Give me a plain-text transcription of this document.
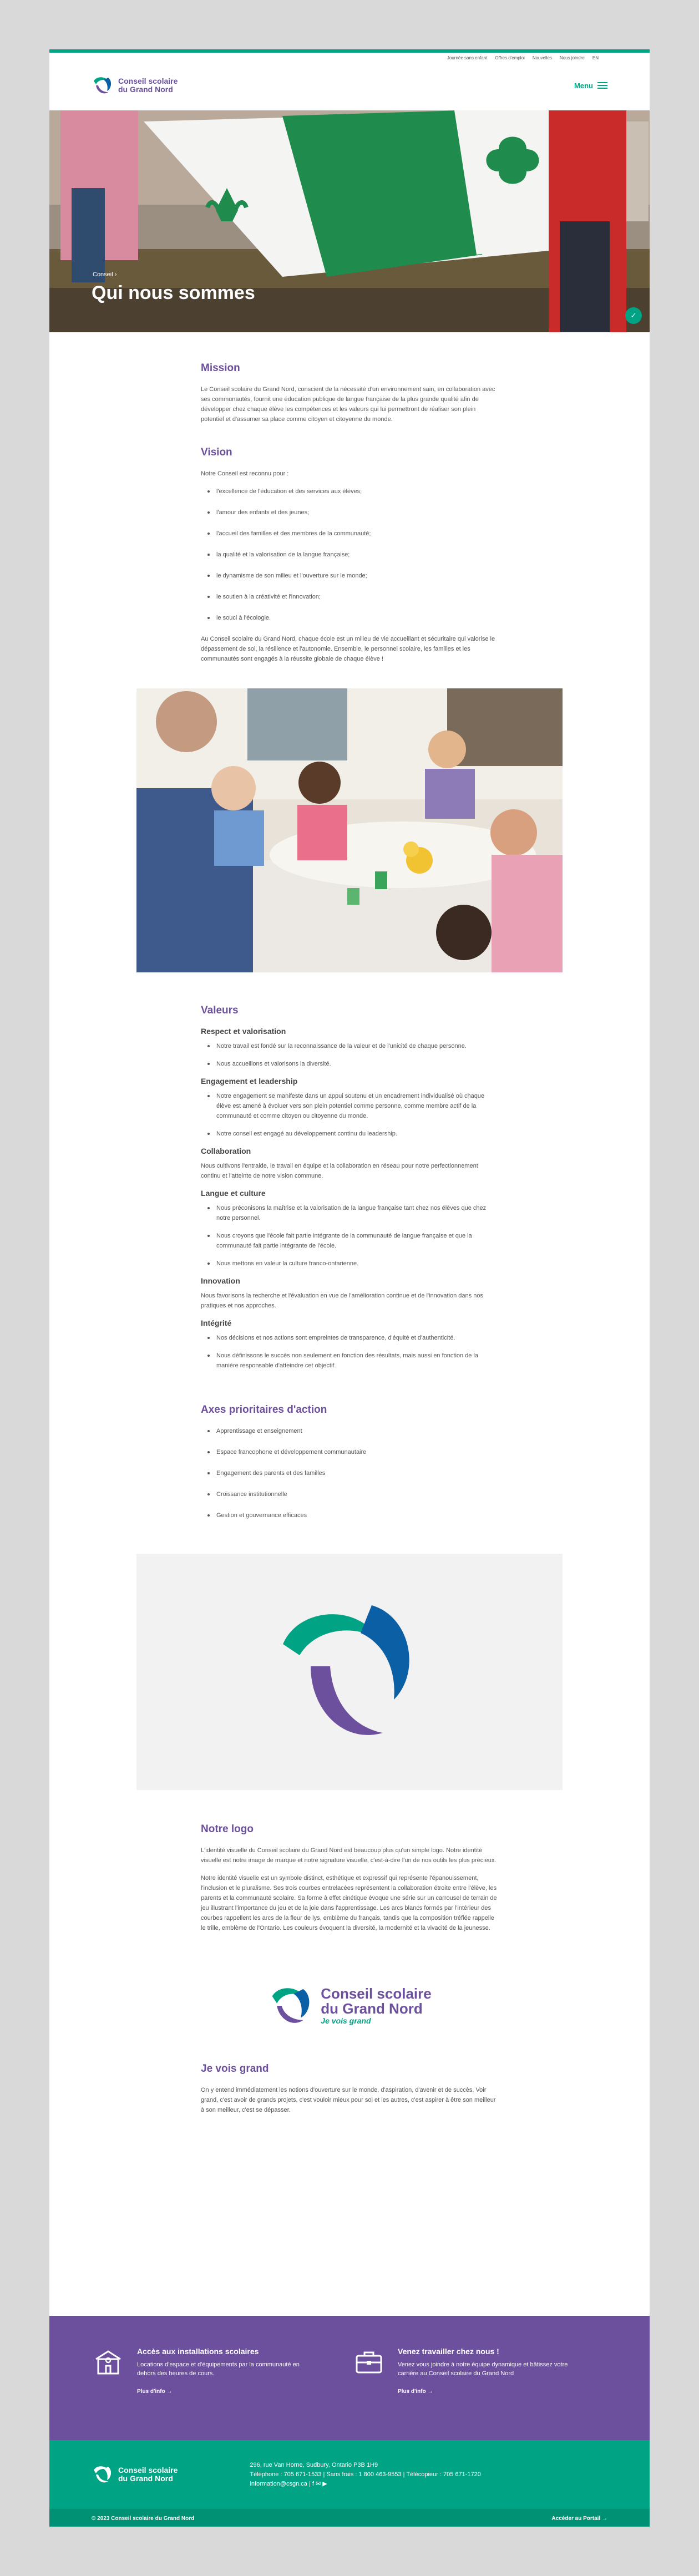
Journée sans enfant Offres d'emploi Nouvelles Nous joindre EN
Conseil scolaire
du Grand Nord	Menu
Conseil ›
Qui nous sommes
✓
Mission

Le Conseil scolaire du Grand Nord, conscient de la nécessité d'un environnement sain, en collaboration avec ses communautés, fournit une éducation publique de langue française de la plus grande qualité afin de développer chez chaque élève les compétences et les valeurs qui lui permettront de réaliser son plein potentiel et d'assumer sa place comme citoyen et citoyenne du monde.

Vision

Notre Conseil est reconnu pour :

l'excellence de l'éducation et des services aux élèves;
l'amour des enfants et des jeunes;
l'accueil des familles et des membres de la communauté;
la qualité et la valorisation de la langue française;
le dynamisme de son milieu et l'ouverture sur le monde;
le soutien à la créativité et l'innovation;
le souci à l'écologie.

Au Conseil scolaire du Grand Nord, chaque école est un milieu de vie accueillant et sécuritaire qui valorise le dépassement de soi, la résilience et l'autonomie. Ensemble, le personnel scolaire, les familles et les communautés sont engagés à la réussite globale de chaque élève !

Valeurs
Respect et valorisation
Notre travail est fondé sur la reconnaissance de la valeur et de l'unicité de chaque personne.
Nous accueillons et valorisons la diversité.
Engagement et leadership
Notre engagement se manifeste dans un appui soutenu et un encadrement individualisé où chaque élève est amené à évoluer vers son plein potentiel comme personne, comme membre actif de la communauté et comme citoyen ou citoyenne du monde.
Notre conseil est engagé au développement continu du leadership.
Collaboration

Nous cultivons l'entraide, le travail en équipe et la collaboration en réseau pour notre perfectionnement continu et l'atteinte de notre vision commune.

Langue et culture
Nous préconisons la maîtrise et la valorisation de la langue française tant chez nos élèves que chez notre personnel.
Nous croyons que l'école fait partie intégrante de la communauté de langue française et que la communauté fait partie intégrante de l'école.
Nous mettons en valeur la culture franco-ontarienne.
Innovation

Nous favorisons la recherche et l'évaluation en vue de l'amélioration continue et de l'innovation dans nos pratiques et nos approches.

Intégrité
Nos décisions et nos actions sont empreintes de transparence, d'équité et d'authenticité.
Nous définissons le succès non seulement en fonction des résultats, mais aussi en fonction de la manière responsable d'atteindre cet objectif.
Axes prioritaires d'action
Apprentissage et enseignement
Espace francophone et développement communautaire
Engagement des parents et des familles
Croissance institutionnelle
Gestion et gouvernance efficaces
Notre logo

L'identité visuelle du Conseil scolaire du Grand Nord est beaucoup plus qu'un simple logo. Notre identité visuelle est notre image de marque et notre signature visuelle, c'est-à-dire l'un de nos outils les plus précieux.

Notre identité visuelle est un symbole distinct, esthétique et expressif qui représente l'épanouissement, l'inclusion et le pluralisme. Ses trois courbes entrelacées représentent la collaboration étroite entre l'élève, les parents et la communauté scolaire. Sa forme à effet cinétique évoque une série sur un carrousel de terrain de jeu illustrant l'importance du jeu et de la joie dans l'apprentissage. Les arcs blancs formés par l'intérieur des courbes rappellent les arcs de la fleur de lys, emblème du français, tandis que la composition tréflée rappelle le trille, emblème de l'Ontario. Les couleurs évoquent la diversité, la modernité et la vivacité de la jeunesse.

Conseil scolaire
du Grand Nord
Je vois grand
Je vois grand

On y entend immédiatement les notions d'ouverture sur le monde, d'aspiration, d'avenir et de succès. Voir grand, c'est avoir de grands projets, c'est vouloir mieux pour soi et les autres, c'est aspirer à être son meilleur à son meilleur, c'est se dépasser.

Accès aux installations scolaires

Locations d'espace et d'équipements par la communauté en dehors des heures de cours.

Plus d'info →
Venez travailler chez nous !

Venez vous joindre à notre équipe dynamique et bâtissez votre carrière au Conseil scolaire du Grand Nord

Plus d'info →
Conseil scolaire
du Grand Nord
296, rue Van Horne, Sudbury, Ontario P3B 1H9
Téléphone : 705 671-1533 | Sans frais : 1 800 463-9553 | Télécopieur : 705 671-1720
information@csgn.ca | f ✉ ▶
© 2023 Conseil scolaire du Grand Nord	Accéder au Portail →
